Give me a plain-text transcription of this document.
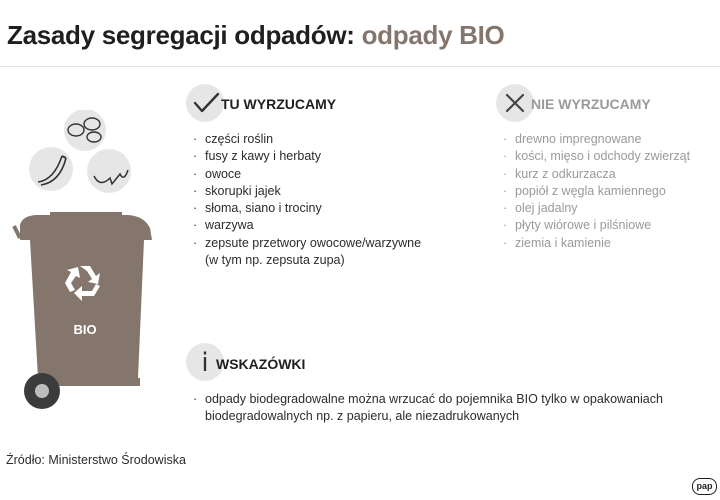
Zasady segregacji odpadów: odpady BIO
BIO
TU WYRZUCAMY
· części roślin
· fusy z kawy i herbaty
· owoce
· skorupki jajek
· słoma, siano i trociny
· warzywa
· zepsute przetwory owocowe/warzywne
(w tym np. zepsuta zupa)
NIE WYRZUCAMY
· drewno impregnowane
· kości, mięso i odchody zwierząt
· kurz z odkurzacza
· popiół z węgla kamiennego
· olej jadalny
· płyty wiórowe i pilśniowe
· ziemia i kamienie
i WSKAZÓWKI
· odpady biodegradowalne można wrzucać do pojemnika BIO tylko w opakowaniach biodegradowalnych np. z papieru, ale niezadrukowanych
Źródło: Ministerstwo Środowiska
pap
